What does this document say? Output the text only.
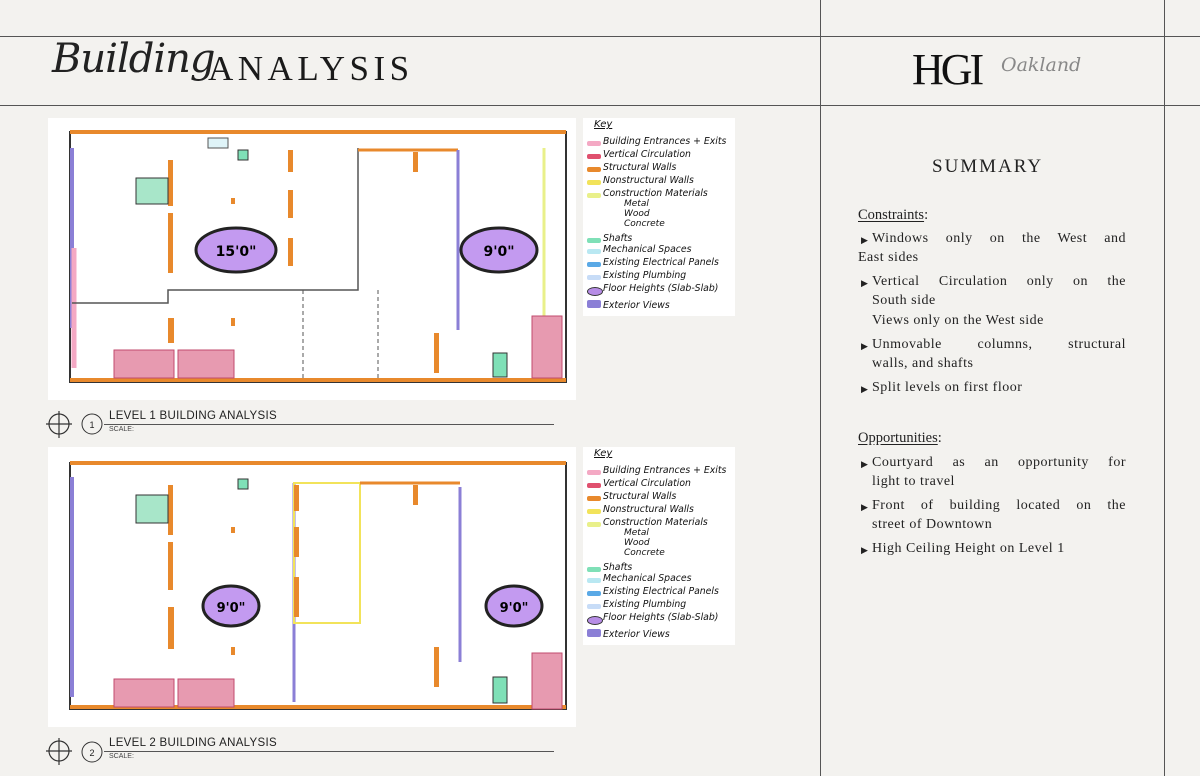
Building
ANALYSIS	HGI Oakland
15'0"	9'0"
Key
Building Entrances + Exits
Vertical Circulation
Structural Walls
Nonstructural Walls
Construction Materials
Metal
Wood
Concrete
Shafts
Mechanical Spaces
Existing Electrical Panels
Existing Plumbing
Floor Heights (Slab-Slab)
Exterior Views
1
LEVEL 1 BUILDING ANALYSIS
SCALE:
9'0"	9'0"
Key
Building Entrances + Exits
Vertical Circulation
Structural Walls
Nonstructural Walls
Construction Materials
Metal
Wood
Concrete
Shafts
Mechanical Spaces
Existing Electrical Panels
Existing Plumbing
Floor Heights (Slab-Slab)
Exterior Views
2
LEVEL 2 BUILDING ANALYSIS
SCALE:
SUMMARY
Constraints:
▶ Windows only on the West and
East sides
▶ Vertical Circulation only on the
South side
Views only on the West side
▶ Unmovable columns, structural
walls, and shafts
▶ Split levels on first floor
Opportunities:
▶ Courtyard as an opportunity for
light to travel
▶ Front of building located on the
street of Downtown
▶ High Ceiling Height on Level 1
